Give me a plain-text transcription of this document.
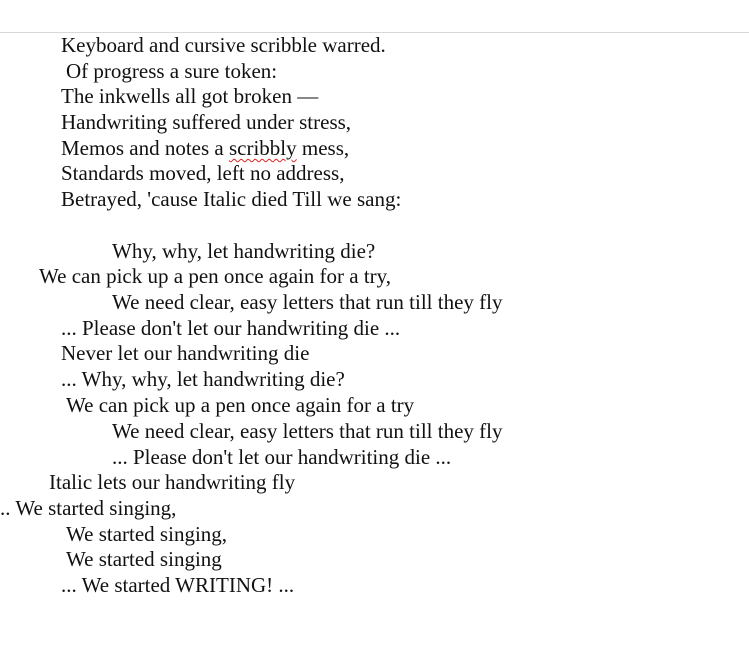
Keyboard and cursive scribble warred.
Of progress a sure token:
The inkwells all got broken —
Handwriting suffered under stress,
Memos and notes a scribbly mess,
Standards moved, left no address,
Betrayed, 'cause Italic died Till we sang:
Why, why, let handwriting die?
We can pick up a pen once again for a try,
We need clear, easy letters that run till they fly
... Please don't let our handwriting die ...
Never let our handwriting die
... Why, why, let handwriting die?
We can pick up a pen once again for a try
We need clear, easy letters that run till they fly
... Please don't let our handwriting die ...
Italic lets our handwriting fly
.. We started singing,
We started singing,
We started singing
... We started WRITING! ...
